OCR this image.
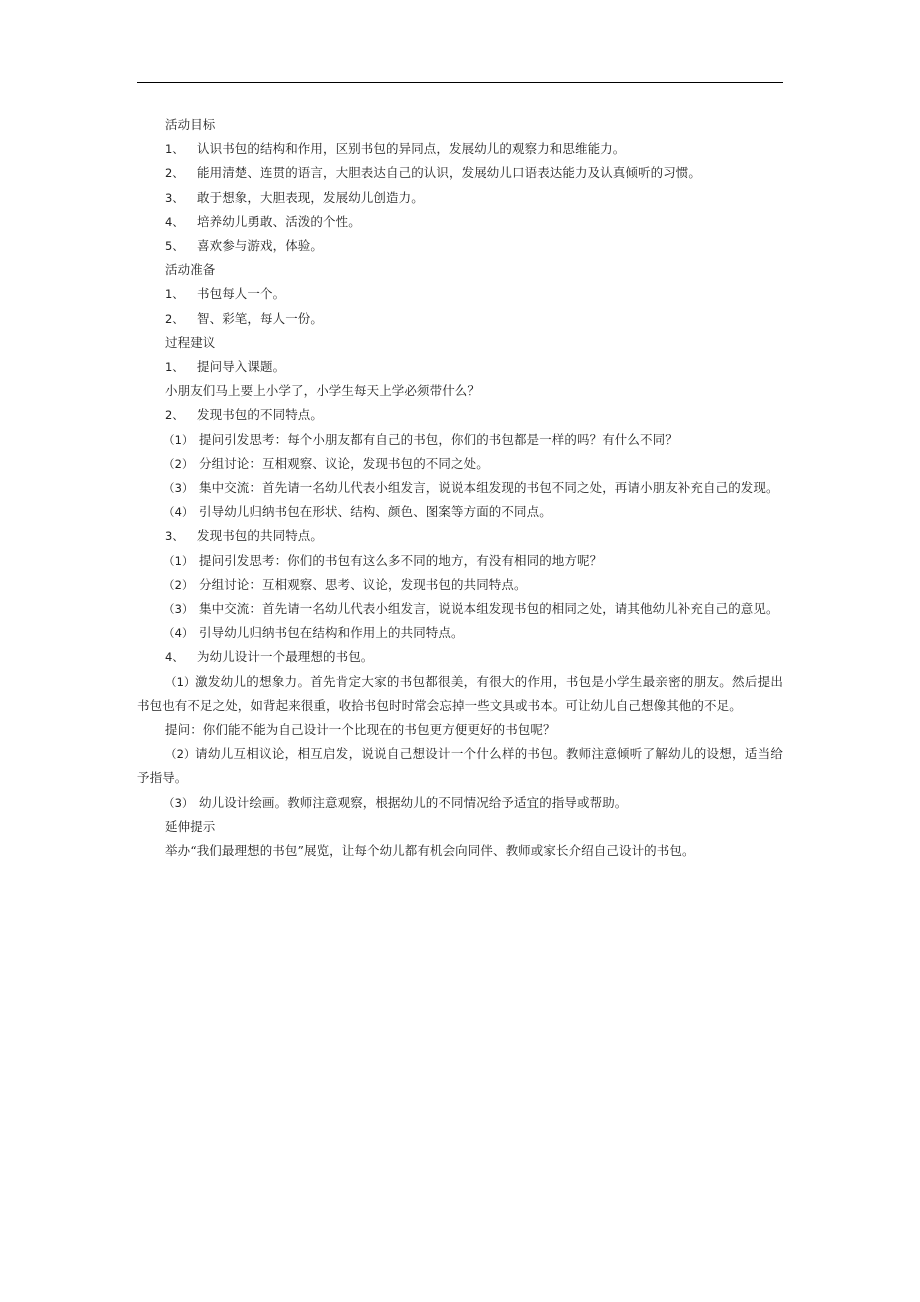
活动目标
1、 认识书包的结构和作用，区别书包的异同点，发展幼儿的观察力和思维能力。
2、 能用清楚、连贯的语言，大胆表达自己的认识，发展幼儿口语表达能力及认真倾听的习惯。
3、 敢于想象，大胆表现，发展幼儿创造力。
4、 培养幼儿勇敢、活泼的个性。
5、 喜欢参与游戏，体验。
活动准备
1、 书包每人一个。
2、 智、彩笔，每人一份。
过程建议
1、 提问导入课题。
小朋友们马上要上小学了，小学生每天上学必须带什么？
2、 发现书包的不同特点。
（1） 提问引发思考：每个小朋友都有自己的书包，你们的书包都是一样的吗？有什么不同？
（2） 分组讨论：互相观察、议论，发现书包的不同之处。
（3） 集中交流：首先请一名幼儿代表小组发言，说说本组发现的书包不同之处，再请小朋友补充自己的发现。
（4） 引导幼儿归纳书包在形状、结构、颜色、图案等方面的不同点。
3、 发现书包的共同特点。
（1） 提问引发思考：你们的书包有这么多不同的地方，有没有相同的地方呢？
（2） 分组讨论：互相观察、思考、议论，发现书包的共同特点。
（3） 集中交流：首先请一名幼儿代表小组发言，说说本组发现书包的相同之处，请其他幼儿补充自己的意见。
（4） 引导幼儿归纳书包在结构和作用上的共同特点。
4、 为幼儿设计一个最理想的书包。
（1）激发幼儿的想象力。首先肯定大家的书包都很美，有很大的作用，书包是小学生最亲密的朋友。然后提出书包也有不足之处，如背起来很重，收拾书包时时常会忘掉一些文具或书本。可让幼儿自己想像其他的不足。
提问：你们能不能为自己设计一个比现在的书包更方便更好的书包呢？
（2）请幼儿互相议论，相互启发，说说自己想设计一个什么样的书包。教师注意倾听了解幼儿的设想，适当给予指导。
（3） 幼儿设计绘画。教师注意观察，根据幼儿的不同情况给予适宜的指导或帮助。
延伸提示
举办“我们最理想的书包”展览，让每个幼儿都有机会向同伴、教师或家长介绍自己设计的书包。
